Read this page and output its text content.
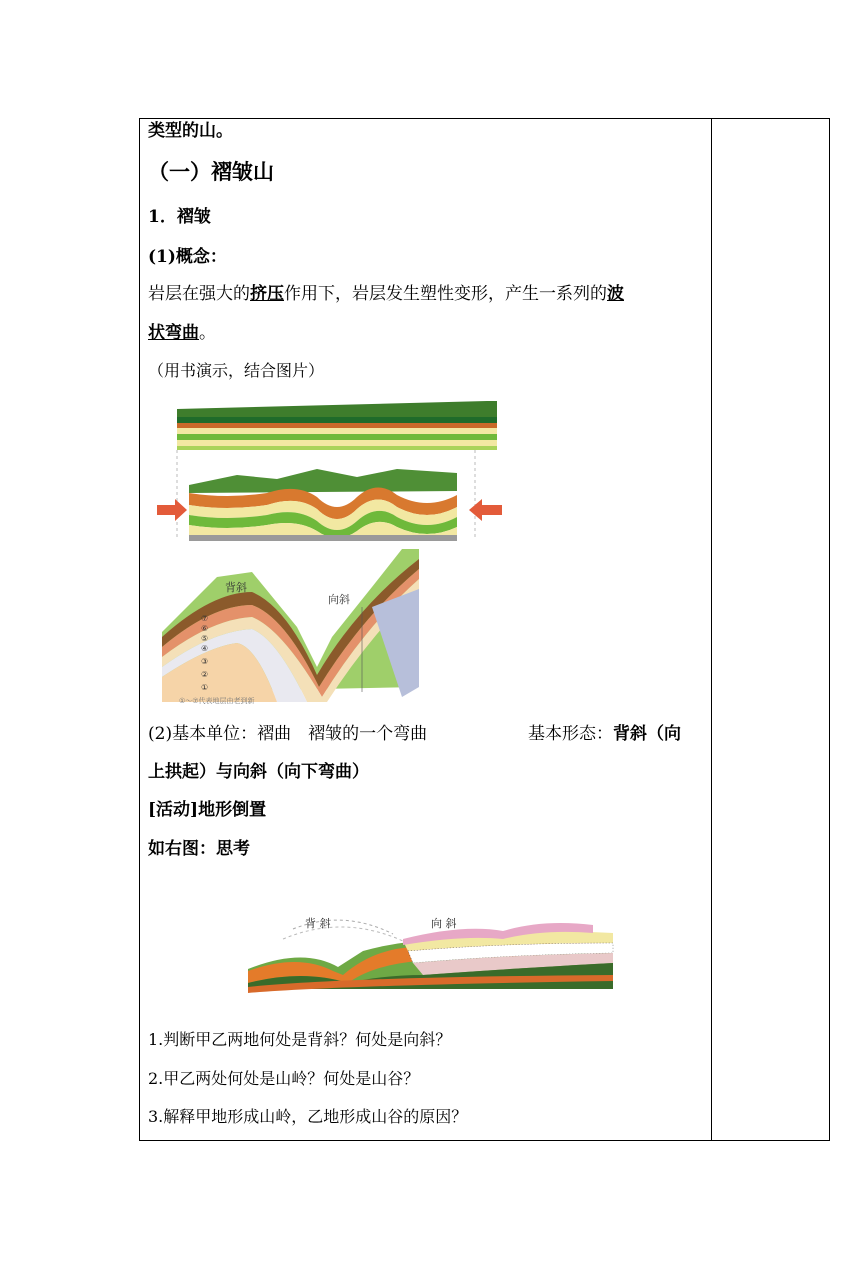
类型的山。
（一）褶皱山
1．褶皱
(1)概念：
岩层在强大的挤压作用下，岩层发生塑性变形，产生一系列的波
状弯曲。
（用书演示，结合图片）
背斜
向斜
⑦
⑥
⑤
④
③
②
①
①～⑦代表地层由老到新
(2)基本单位：褶曲　褶皱的一个弯曲	基本形态：背斜（向
上拱起）与向斜（向下弯曲）
[活动]地形倒置
如右图：思考
背 斜	向 斜
1.判断甲乙两地何处是背斜？何处是向斜？
2.甲乙两处何处是山岭？何处是山谷？
3.解释甲地形成山岭，乙地形成山谷的原因？
